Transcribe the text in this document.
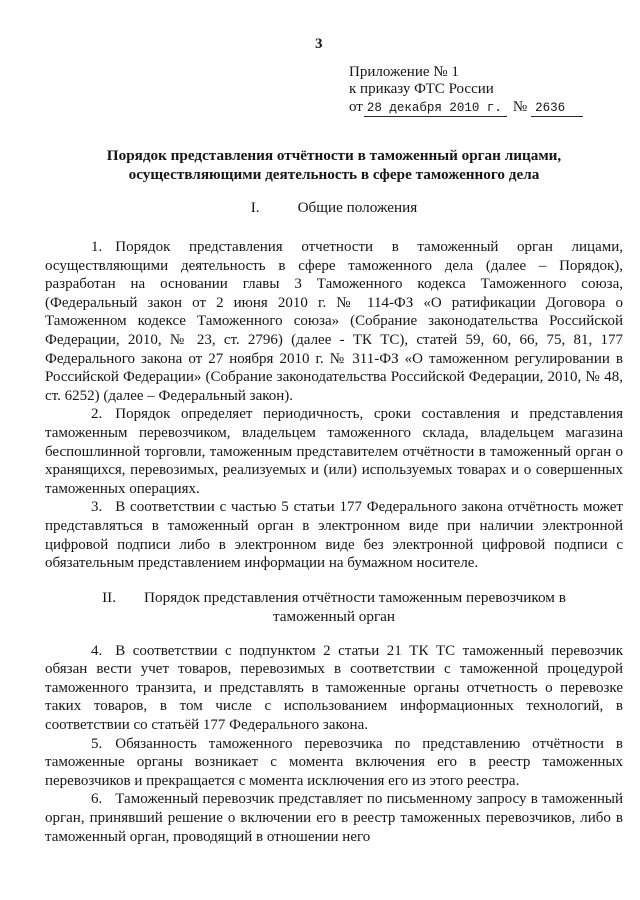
3
Приложение № 1
к приказу ФТС России
от 28 декабря 2010 г. № 2636
Порядок представления отчётности в таможенный орган лицами, осуществляющими деятельность в сфере таможенного дела
I.	Общие положения

1. Порядок представления отчетности в таможенный орган лицами, осуществляющими деятельность в сфере таможенного дела (далее – Порядок), разработан на основании главы 3 Таможенного кодекса Таможенного союза, (Федеральный закон от 2 июня 2010 г. № 114-ФЗ «О ратификации Договора о Таможенном кодексе Таможенного союза» (Собрание законодательства Российской Федерации, 2010, № 23, ст. 2796) (далее - ТК ТС), статей 59, 60, 66, 75, 81, 177 Федерального закона от 27 ноября 2010 г. № 311-ФЗ «О таможенном регулировании в Российской Федерации» (Собрание законодательства Российской Федерации, 2010, № 48, ст. 6252) (далее – Федеральный закон).

2. Порядок определяет периодичность, сроки составления и представления таможенным перевозчиком, владельцем таможенного склада, владельцем магазина беспошлинной торговли, таможенным представителем отчётности в таможенный орган о хранящихся, перевозимых, реализуемых и (или) используемых товарах и о совершенных таможенных операциях.

3. В соответствии с частью 5 статьи 177 Федерального закона отчётность может представляться в таможенный орган в электронном виде при наличии электронной цифровой подписи либо в электронном виде без электронной цифровой подписи с обязательным представлением информации на бумажном носителе.

II. Порядок представления отчётности таможенным перевозчиком в таможенный орган

4. В соответствии с подпунктом 2 статьи 21 ТК ТС таможенный перевозчик обязан вести учет товаров, перевозимых в соответствии с таможенной процедурой таможенного транзита, и представлять в таможенные органы отчетность о перевозке таких товаров, в том числе с использованием информационных технологий, в соответствии со статьёй 177 Федерального закона.

5. Обязанность таможенного перевозчика по представлению отчётности в таможенные органы возникает с момента включения его в реестр таможенных перевозчиков и прекращается с момента исключения его из этого реестра.

6. Таможенный перевозчик представляет по письменному запросу в таможенный орган, принявший решение о включении его в реестр таможенных перевозчиков, либо в таможенный орган, проводящий в отношении него
